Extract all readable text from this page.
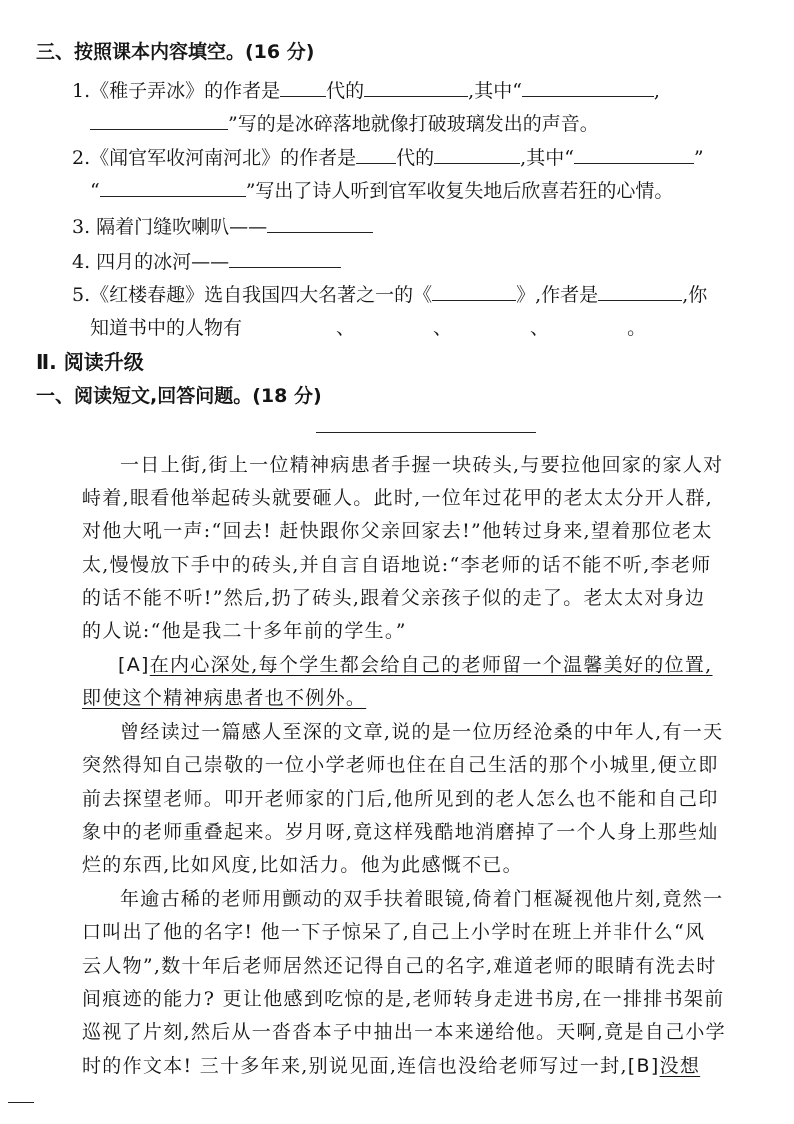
三、按照课本内容填空。(16 分)
1.《稚子弄冰》的作者是 代的	,其中“	,
”写的是冰碎落地就像打破玻璃发出的声音。
2.《闻官军收河南河北》的作者是 代的	,其中“	”
“	”写出了诗人听到官军收复失地后欣喜若狂的心情。
3. 隔着门缝吹喇叭——
4. 四月的冰河——
5.《红楼春趣》选自我国四大名著之一的《	》,作者是	,你
知道书中的人物有	、	、	、	。
Ⅱ. 阅读升级
一、阅读短文,回答问题。(18 分)
一日上街,街上一位精神病患者手握一块砖头,与要拉他回家的家人对
峙着,眼看他举起砖头就要砸人。此时,一位年过花甲的老太太分开人群,
对他大吼一声:“回去! 赶快跟你父亲回家去!”他转过身来,望着那位老太
太,慢慢放下手中的砖头,并自言自语地说:“李老师的话不能不听,李老师
的话不能不听!”然后,扔了砖头,跟着父亲孩子似的走了。老太太对身边
的人说:“他是我二十多年前的学生。”
[A]在内心深处,每个学生都会给自己的老师留一个温馨美好的位置,
即使这个精神病患者也不例外。
曾经读过一篇感人至深的文章,说的是一位历经沧桑的中年人,有一天
突然得知自己崇敬的一位小学老师也住在自己生活的那个小城里,便立即
前去探望老师。叩开老师家的门后,他所见到的老人怎么也不能和自己印
象中的老师重叠起来。岁月呀,竟这样残酷地消磨掉了一个人身上那些灿
烂的东西,比如风度,比如活力。他为此感慨不已。
年逾古稀的老师用颤动的双手扶着眼镜,倚着门框凝视他片刻,竟然一
口叫出了他的名字! 他一下子惊呆了,自己上小学时在班上并非什么“风
云人物”,数十年后老师居然还记得自己的名字,难道老师的眼睛有洗去时
间痕迹的能力? 更让他感到吃惊的是,老师转身走进书房,在一排排书架前
巡视了片刻,然后从一沓沓本子中抽出一本来递给他。天啊,竟是自己小学
时的作文本! 三十多年来,别说见面,连信也没给老师写过一封,[B]没想
